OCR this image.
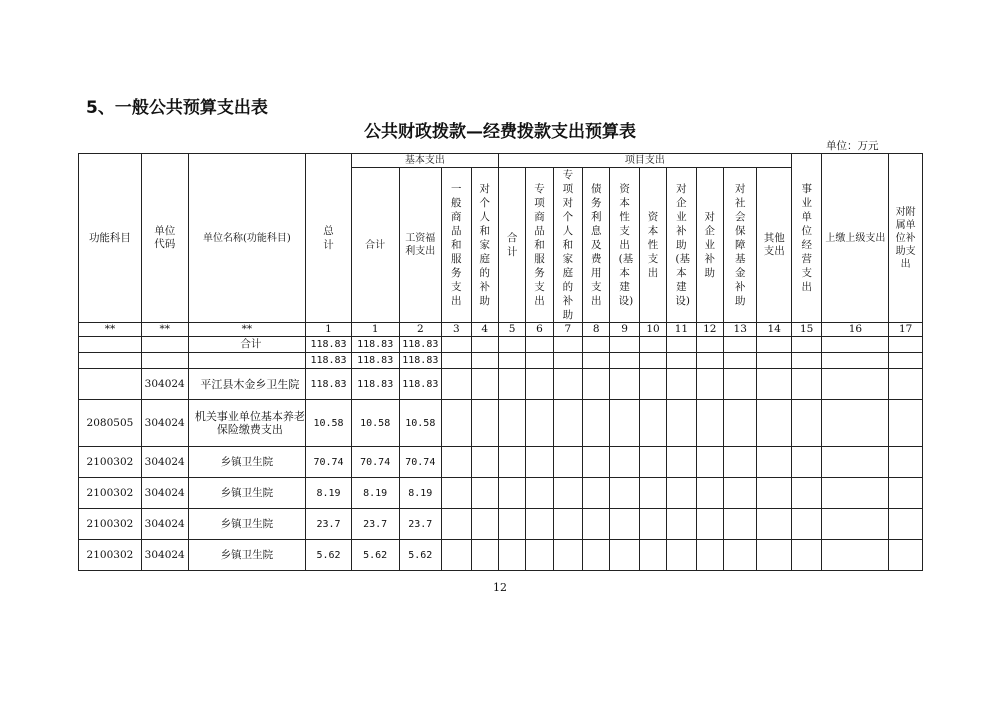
5、一般公共预算支出表
公共财政拨款—经费拨款支出预算表
单位：万元
功能科目	单位代码	单位名称(功能科目)	总计	基本支出				项目支出										事业单位经营支出	上缴上级支出	对附属单位补助支出
				合计	工资福利支出	一般商品和服务支出	对个人和家庭的补助	合计	专项商品和服务支出	专项对个人和家庭的补助	债务利息及费用支出	资本性支出(基本建设)	资本性支出	对企业补助(基本建设)	对企业补助	对社会保障基金补助	其他支出			
**	**	**	1	1	2	3	4	5	6	7	8	9	10	11	12	13	14	15	16	17
		合计	118.83	118.83	118.83															
			118.83	118.83	118.83															
	304024	平江县木金乡卫生院	118.83	118.83	118.83															
2080505	304024	机关事业单位基本养老保险缴费支出	10.58	10.58	10.58															
2100302	304024	乡镇卫生院	70.74	70.74	70.74															
2100302	304024	乡镇卫生院	8.19	8.19	8.19															
2100302	304024	乡镇卫生院	23.7	23.7	23.7															
2100302	304024	乡镇卫生院	5.62	5.62	5.62															
12
